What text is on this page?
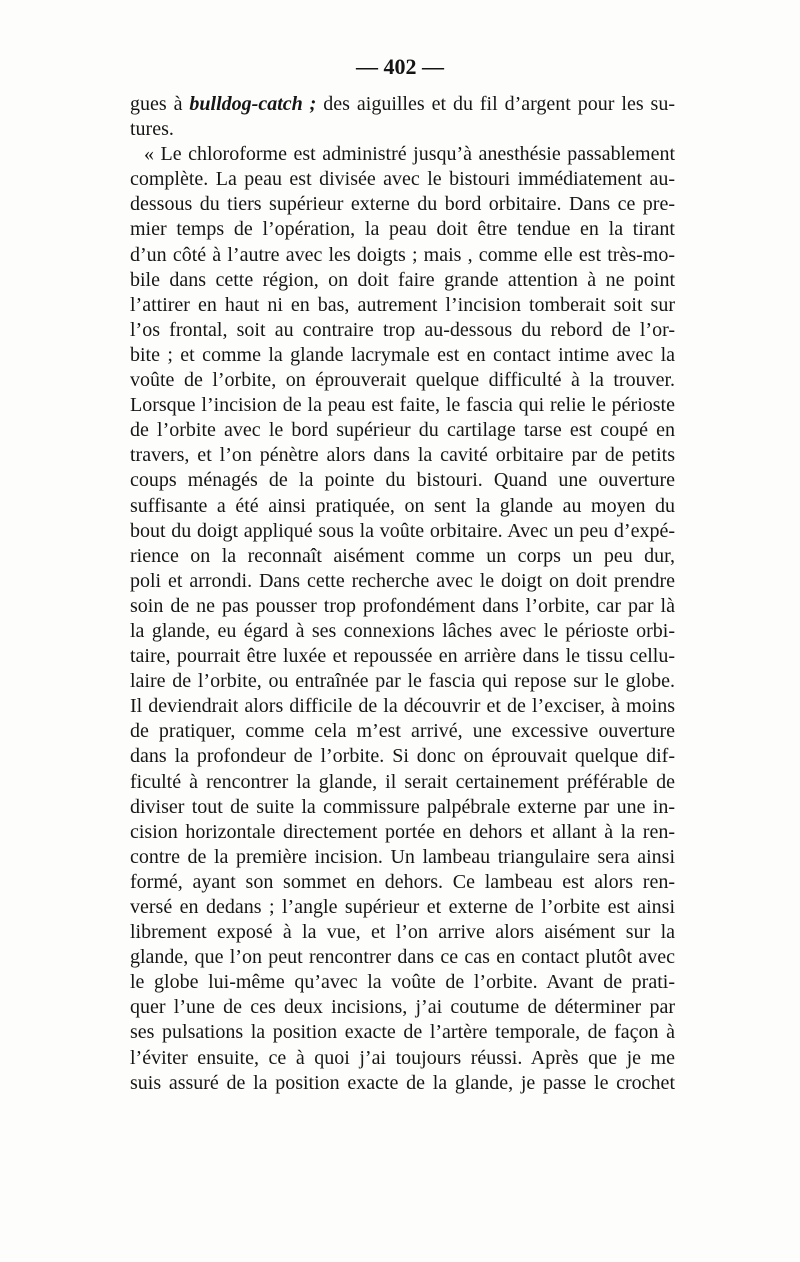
— 402 —
gues à bulldog-catch ; des aiguilles et du fil d’argent pour les su-
tures.
« Le chloroforme est administré jusqu’à anesthésie passablement
complète. La peau est divisée avec le bistouri immédiatement au-
dessous du tiers supérieur externe du bord orbitaire. Dans ce pre-
mier temps de l’opération, la peau doit être tendue en la tirant
d’un côté à l’autre avec les doigts ; mais , comme elle est très-mo-
bile dans cette région, on doit faire grande attention à ne point
l’attirer en haut ni en bas, autrement l’incision tomberait soit sur
l’os frontal, soit au contraire trop au-dessous du rebord de l’or-
bite ; et comme la glande lacrymale est en contact intime avec la
voûte de l’orbite, on éprouverait quelque difficulté à la trouver.
Lorsque l’incision de la peau est faite, le fascia qui relie le périoste
de l’orbite avec le bord supérieur du cartilage tarse est coupé en
travers, et l’on pénètre alors dans la cavité orbitaire par de petits
coups ménagés de la pointe du bistouri. Quand une ouverture
suffisante a été ainsi pratiquée, on sent la glande au moyen du
bout du doigt appliqué sous la voûte orbitaire. Avec un peu d’expé-
rience on la reconnaît aisément comme un corps un peu dur,
poli et arrondi. Dans cette recherche avec le doigt on doit prendre
soin de ne pas pousser trop profondément dans l’orbite, car par là
la glande, eu égard à ses connexions lâches avec le périoste orbi-
taire, pourrait être luxée et repoussée en arrière dans le tissu cellu-
laire de l’orbite, ou entraînée par le fascia qui repose sur le globe.
Il deviendrait alors difficile de la découvrir et de l’exciser, à moins
de pratiquer, comme cela m’est arrivé, une excessive ouverture
dans la profondeur de l’orbite. Si donc on éprouvait quelque dif-
ficulté à rencontrer la glande, il serait certainement préférable de
diviser tout de suite la commissure palpébrale externe par une in-
cision horizontale directement portée en dehors et allant à la ren-
contre de la première incision. Un lambeau triangulaire sera ainsi
formé, ayant son sommet en dehors. Ce lambeau est alors ren-
versé en dedans ; l’angle supérieur et externe de l’orbite est ainsi
librement exposé à la vue, et l’on arrive alors aisément sur la
glande, que l’on peut rencontrer dans ce cas en contact plutôt avec
le globe lui-même qu’avec la voûte de l’orbite. Avant de prati-
quer l’une de ces deux incisions, j’ai coutume de déterminer par
ses pulsations la position exacte de l’artère temporale, de façon à
l’éviter ensuite, ce à quoi j’ai toujours réussi. Après que je me
suis assuré de la position exacte de la glande, je passe le crochet
